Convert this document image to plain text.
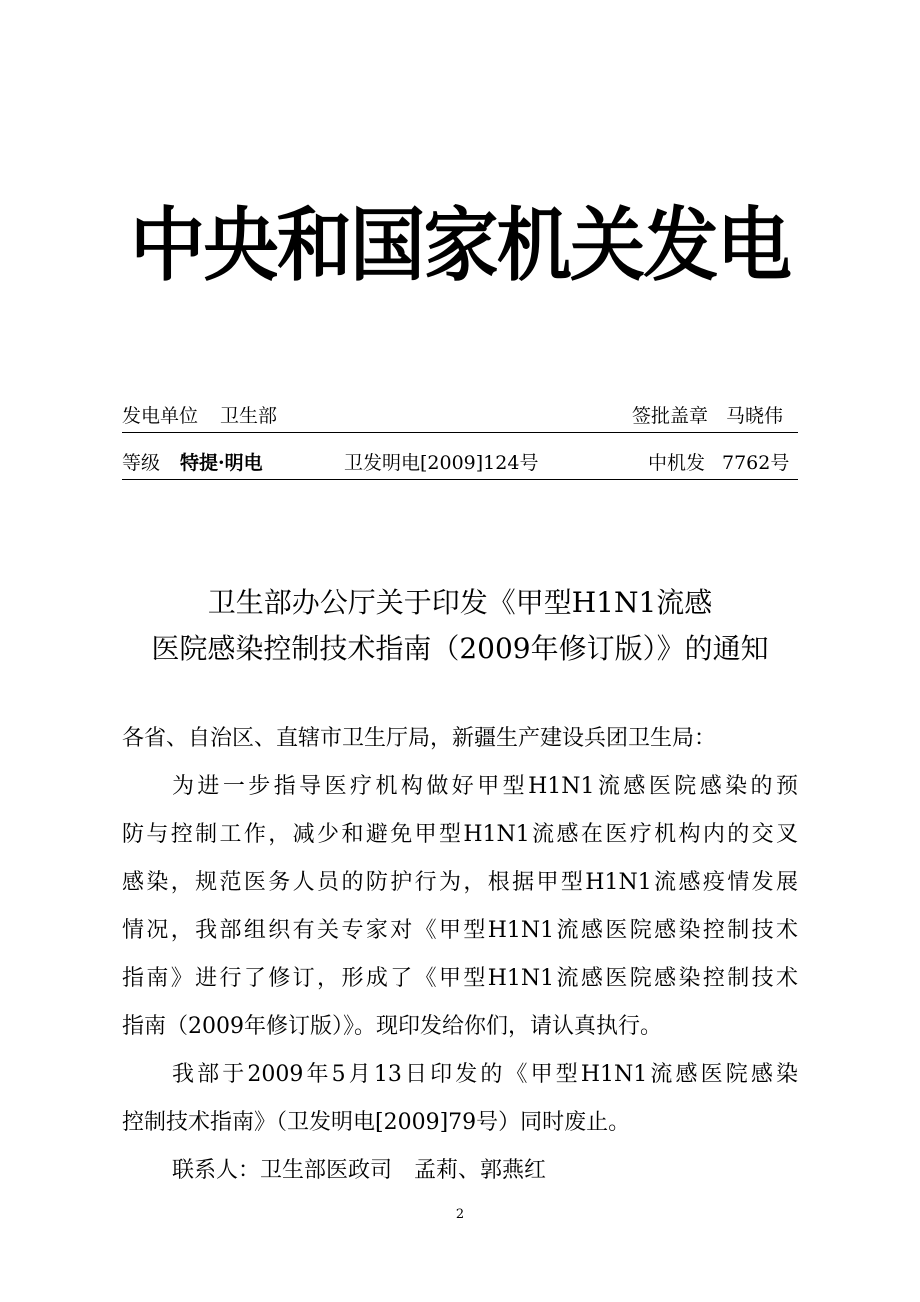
中央和国家机关发电
发电单位 卫生部	签批盖章 马晓伟
等级 特提·明电	卫发明电[2009]124号	中机发 7762号
卫生部办公厅关于印发《甲型H1N1流感
医院感染控制技术指南（2009年修订版）》的通知
各省、自治区、直辖市卫生厅局，新疆生产建设兵团卫生局：
为进一步指导医疗机构做好甲型H1N1流感医院感染的预
防与控制工作，减少和避免甲型H1N1流感在医疗机构内的交叉
感染，规范医务人员的防护行为，根据甲型H1N1流感疫情发展
情况，我部组织有关专家对《甲型H1N1流感医院感染控制技术
指南》进行了修订，形成了《甲型H1N1流感医院感染控制技术
指南（2009年修订版）》。现印发给你们，请认真执行。
我部于2009年5月13日印发的《甲型H1N1流感医院感染
控制技术指南》（卫发明电[2009]79号）同时废止。
联系人：卫生部医政司　孟莉、郭燕红
2
